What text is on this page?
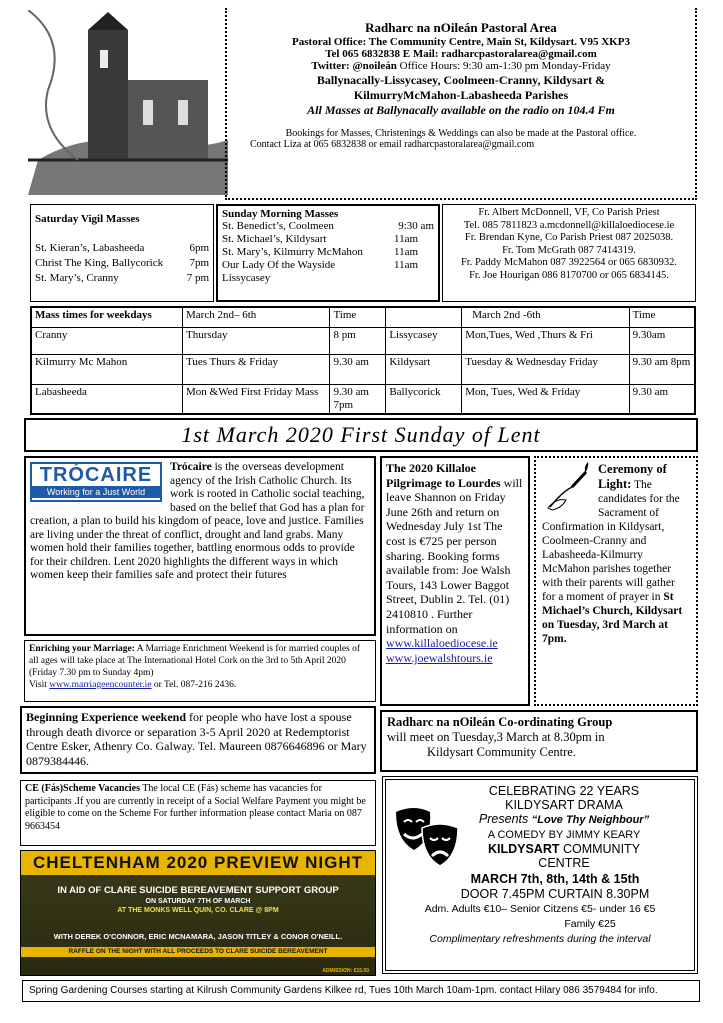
Radharc na nOileán Pastoral Area
Pastoral Office: The Community Centre, Main St, Kildysart. V95 XKP3
Tel 065 6832838 E Mail: radharcpastoralarea@gmail.com
Twitter: @noileán Office Hours: 9:30 am-1:30 pm Monday-Friday
Ballynacally-Lissycasey, Coolmeen-Cranny, Kildysart &
KilmurryMcMahon-Labasheeda Parishes
All Masses at Ballynacally available on the radio on 104.4 Fm
Bookings for Masses, Christenings & Weddings can also be made at the Pastoral office.
Contact Liza at 065 6832838 or email radharcpastoralarea@gmail.com
Saturday Vigil Masses
St. Kieran’s, Labasheeda	6pm
Christ The King, Ballycorick 7pm
St. Mary’s, Cranny	7 pm
Sunday Morning Masses
St. Benedict’s, Coolmeen	9:30 am
St. Michael’s, Kildysart	11am
St. Mary’s, Kilmurry McMahon	11am
Our Lady Of the Wayside	11am
Lissycasey
Fr. Albert McDonnell, VF, Co Parish Priest
Tel. 085 7811823 a.mcdonnell@killaloediocese.ie
Fr. Brendan Kyne, Co Parish Priest 087 2025038.
Fr. Tom McGrath 087 7414319.
Fr. Paddy McMahon 087 3922564 or 065 6830932.
Fr. Joe Hourigan 086 8170700 or 065 6834145.
Mass times for weekdays	March 2nd– 6th	Time		March 2nd -6th	Time
Cranny	Thursday	8 pm	Lissycasey	Mon,Tues, Wed ,Thurs & Fri	9.30am
Kilmurry Mc Mahon	Tues Thurs & Friday	9.30 am	Kildysart	Tuesday & Wednesday Friday	9.30 am 8pm
Labasheeda	Mon &Wed First Friday Mass	9.30 am 7pm	Ballycorick	Mon, Tues, Wed & Friday	9.30 am
1st March 2020 First Sunday of Lent
TRÓCAIRE
Working for a Just World
Trócaire is the overseas development agency of the Irish Catholic Church. Its work is rooted in Catholic social teaching, based on the belief that God has a plan for creation, a plan to build his kingdom of peace, love and justice. Families are living under the threat of conflict, drought and land grabs. Many women hold their families together, battling enormous odds to provide for their children. Lent 2020 highlights the different ways in which women keep their families safe and protect their futures
Enriching your Marriage: A Marriage Enrichment Weekend is for married couples of all ages will take place at The International Hotel Cork on the 3rd to 5th April 2020 (Friday 7.30 pm to Sunday 4pm)
Visit www.marriageencounter.ie or Tel. 087-216 2436.
Beginning Experience weekend for people who have lost a spouse through death divorce or separation 3-5 April 2020 at Redemptorist Centre Esker, Athenry Co. Galway. Tel. Maureen 0876646896 or Mary 0879384446.
CE (Fás)Scheme Vacancies The local CE (Fás) scheme has vacancies for participants .If you are currently in receipt of a Social Welfare Payment you might be eligible to come on the Scheme For further information please contact Maria on 087 9663454
CHELTENHAM 2020 PREVIEW NIGHT
IN AID OF CLARE SUICIDE BEREAVEMENT SUPPORT GROUP
ON SATURDAY 7TH OF MARCH
AT THE MONKS WELL QUIN, CO. CLARE @ 8PM
WITH DEREK O'CONNOR, ERIC MCNAMARA, JASON TITLEY & CONOR O'NEILL.
RAFFLE ON THE NIGHT WITH ALL PROCEEDS TO CLARE SUICIDE BEREAVEMENT
ADMISSION: €15.00
The 2020 Killaloe Pilgrimage to Lourdes will leave Shannon on Friday June 26th and return on Wednesday July 1st The cost is €725 per person sharing. Booking forms available from: Joe Walsh Tours, 143 Lower Baggot Street, Dublin 2. Tel. (01) 2410810 . Further information on
www.killaloediocese.ie
www.joewalshtours.ie
Ceremony of Light: The candidates for the Sacrament of Confirmation in Kildysart, Coolmeen-Cranny and Labasheeda-Kilmurry McMahon parishes together with their parents will gather for a moment of prayer in St Michael’s Church, Kildysart on Tuesday, 3rd March at 7pm.
Radharc na nOileán Co-ordinating Group
will meet on Tuesday,3 March at 8.30pm in
Kildysart Community Centre.
CELEBRATING 22 YEARS
KILDYSART DRAMA
Presents “Love Thy Neighbour”
A COMEDY BY JIMMY KEARY
KILDYSART COMMUNITY
CENTRE
MARCH 7th, 8th, 14th & 15th
DOOR 7.45PM CURTAIN 8.30PM
Adm. Adults €10– Senior Citzens €5- under 16 €5
Family €25
Complimentary refreshments during the interval
Spring Gardening Courses starting at Kilrush Community Gardens Kilkee rd, Tues 10th March 10am-1pm. contact Hilary 086 3579484 for info.
